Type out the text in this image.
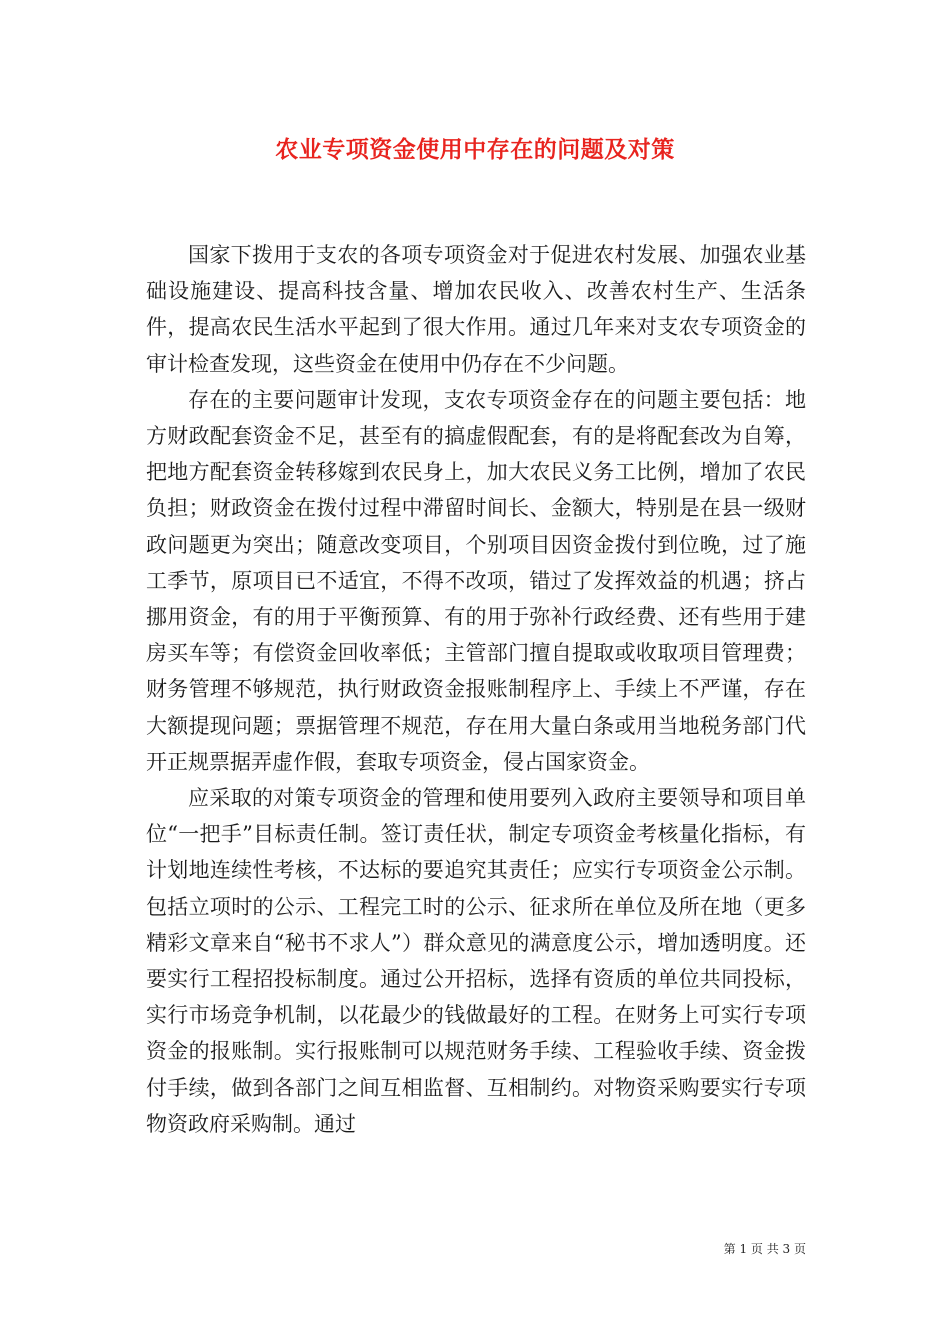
农业专项资金使用中存在的问题及对策

国家下拨用于支农的各项专项资金对于促进农村发展、加强农业基础设施建设、提高科技含量、增加农民收入、改善农村生产、生活条件，提高农民生活水平起到了很大作用。通过几年来对支农专项资金的审计检查发现，这些资金在使用中仍存在不少问题。

存在的主要问题审计发现，支农专项资金存在的问题主要包括：地方财政配套资金不足，甚至有的搞虚假配套，有的是将配套改为自筹，把地方配套资金转移嫁到农民身上，加大农民义务工比例，增加了农民负担；财政资金在拨付过程中滞留时间长、金额大，特别是在县一级财政问题更为突出；随意改变项目，个别项目因资金拨付到位晚，过了施工季节，原项目已不适宜，不得不改项，错过了发挥效益的机遇；挤占挪用资金，有的用于平衡预算、有的用于弥补行政经费、还有些用于建房买车等；有偿资金回收率低；主管部门擅自提取或收取项目管理费；财务管理不够规范，执行财政资金报账制程序上、手续上不严谨，存在大额提现问题；票据管理不规范，存在用大量白条或用当地税务部门代开正规票据弄虚作假，套取专项资金，侵占国家资金。

应采取的对策专项资金的管理和使用要列入政府主要领导和项目单位“一把手”目标责任制。签订责任状，制定专项资金考核量化指标，有计划地连续性考核，不达标的要追究其责任；应实行专项资金公示制。包括立项时的公示、工程完工时的公示、征求所在单位及所在地（更多精彩文章来自“秘书不求人”）群众意见的满意度公示，增加透明度。还要实行工程招投标制度。通过公开招标，选择有资质的单位共同投标，实行市场竞争机制，以花最少的钱做最好的工程。在财务上可实行专项资金的报账制。实行报账制可以规范财务手续、工程验收手续、资金拨付手续，做到各部门之间互相监督、互相制约。对物资采购要实行专项物资政府采购制。通过

第 1 页 共 3 页
